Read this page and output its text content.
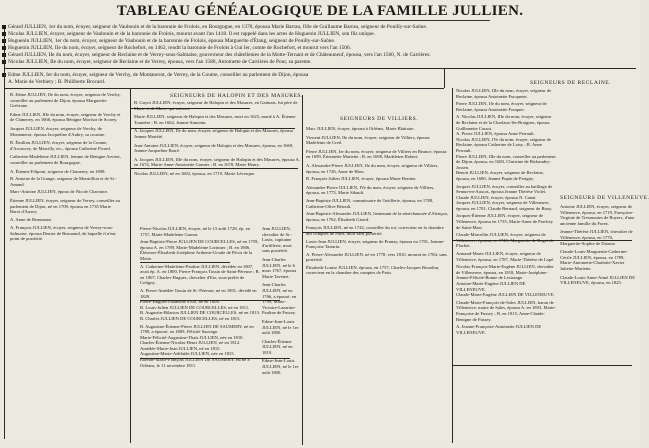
TABLEAU GÉNÉALOGIQUE DE LA FAMILLE JULLIEN.
Gérard JULLIEN, 1er du nom, écuyer, seigneur de Vaubouin et de la baronnie de Frolois, en Bourgogne, en 1370, épousa Marie Barrau, fille de Guillaume Barrau, seigneur de Pouilly-sur-Saône.
Nicolas JULLIEN, écuyer, seigneur de Vaubouin et de la baronnie de Frolois, mourut avant l'an 1418. Il est rappelé dans les actes de Huguenin JULLIEN, son fils unique.
Huguenin JULLIEN, 1er du nom, écuyer, seigneur de Vaubouin et de la baronnie de Frolois, épousa Marguerite d'Étang, seigneur de Pouilly-sur-Saône.
Huguenin JULLIEN, IIe du nom, écuyer, seigneur de Rochefort, en 1462, rendit la baronnie de Frolois à Gui Ier, comte de Rochefort, et mourut vers l'an 1506.
Gérard JULLIEN, IIe du nom, écuyer, seigneur de Reclaine et de Verrey-sous-Salmaise, gouverneur des châtellenies de la Motte-Ternant et de Châteauneuf, épousa, vers l'an 1560, N. de Carrières.
Nicolas JULLIEN, IIe du nom, écuyer, seigneur de Reclaine et de Verrey, épousa, vers l'an 1580, Antoinette de Carrières de Pour, sa parente.
Edme JULLIEN, Ier du nom, écuyer, seigneur de Verchy, de Montanerot, de Verrey, de la Coume, conseiller au parlement de Dijon, épousa
A. Marie de Verbiery ; B. Philiberte Brocard.
SEIGNEURS DE HALOPIN ET DES MASURES.
SEIGNEURS DE VILLIERS.
SEIGNEURS DE RECLAINE.
SEIGNEURS DE VILLENEUVE.
B. Edme JULLIEN, IIe du nom, écuyer, seigneur de Verchy, conseiller au parlement de Dijon, épousa Marguerite Grévinne.
Edme JULLIEN, IIIe du nom, écuyer, seigneur de Verchy et de Clamerey, en 1666, épousa Bénigne Morisot de Scorey.
Jacques JULLIEN, écuyer, seigneur de Verchy, de Montanerot, épousa Jacqueline d'Aubry, sa cousine.
B. Émilion JULLIEN, écuyer, seigneur de la Coume, d'Arconcey, de Marcilly, etc., épousa Catherine Picard.
Catherine-Madeleine JULLIEN, femme de Bénigne Arviset, conseiller au parlement de Bourgogne.
A. Étienne Filipont, seigneur de Clamerey, en 1698.
B. Antoine de la Grange, seigneur de Montrillon et de St.-Amand.
Marc-Antoine JULLIEN, époux de Nicole Chavance.
Étienne JULLIEN, écuyer, seigneur de Verrey, conseiller au parlement de Dijon, né en 1709, épousa en 1735 Marie Barot d'Auxey.
A. Anne de Beaumont.
A. François JULLIEN, écuyer, seigneur de Verrey-sous-Salmaise, épousa Denise de Beaurand, de laquelle il n'eut point de postérité.
B. Guyot JULLIEN, écuyer, seigneur de Halopin et des Masures, en Gatinais, fut père de Marie et de Mace, qui suivent.
Marie JULLIEN, seigneur de Halopin et des Masures, mort en 1625, marié à A. Étienne Tounière ; B. en 1662, Jeanne Simonin.
A. Jacques JULLIEN, IIe du nom, écuyer, seigneur de Halopin et des Masures, épousa Jeanne Mariété.
Jean-Antoine JULLIEN, écuyer, seigneur de Halopin et des Masures, épousa, en 1669, Jeanne-Jacqueline Barré.
A. Jacques JULLIEN, IIIe du nom, écuyer, seigneur de Halopin et des Masures, épousa A. en 1674, Marie-Anne-Antoinette Garnier ; B. en 1678, Marie Henry.
Nicolas JULLIEN, né en 1682, épousa, en 1719, Marie Lévesque.
Pierre-Nicolas JULLIEN, écuyer, né le 15 août 1728, ép. en 1757, Marie-Madeleine Garnot.
Jean-Baptiste-Pierre JULLIEN DE COURCELLES, né en 1759, épousa A. en 1789, Marie-Madeleine Lorimier ; B. en 1806, Éléonore-Élisabeth-Joséphine Arthenis-Ursule de Pécot de la Motte.
A. Catherine-Madeleine-Pauline JULLIEN, décédée en 1807, avait ép. A. en 1800, Pierre-François Tassin de Saint-Péreuse ; B. en 1807, Charles-Hugues, chevalier d'Etz, sous-préfet de Coligny.
A. Pierre-Amédée Tassin de St.-Péreuse, né en 1801, décédé en 1829.
Pierre-Hugues-Palamède d'Etz, né en 1806.
B. Louis-Julien JULLIEN DE COURCELLES, né en 1811.
B. Augustin-Hilarion JULLIEN DE COURCELLES, né en 1813.
B. Charles JULLIEN DE COURCELLES, né en 1815.
B. Augustine-Étienne-Pierre JULLIEN DE SAUMERY, né en 1789, a épousé, en 1809, Félicité Sauvage.
Marie-Félicité-Augustine-Thaïs JULLIEN, née en 1810.
Charles-Étienne-Nicolas-Henri JULLIEN, né en 1812.
Amédée-Marie-Jean JULLIEN, né en 1815.
Augustine-Marie-Adélaïde JULLIEN, née en 1815.
Étienne-Marie-François JULLIEN DE SAUMERY, est né à Orléans, le 11 novembre 1811.
Jean JULLIEN, chevalier de St.-Louis, capitaine d'artillerie, mort sans postérité.
Jean-Charles JULLIEN, né le 6 mars 1767, épousa Marie Tavenet.
Jean-Charles JULLIEN, né en 1766, a épousé, en 1799, Marie-Victoire-Lazarine-Pauline de Fussey.
Edme-Jean-Louis JULLIEN, né le 1er août 1800.
Charles-Étienne JULLIEN, né en 1810.
Edme-Jean-Louis JULLIEN, né le 1er août 1800.
Marc JULLIEN, écuyer, épousa à Orléans, Marie Blattaire.
Vincent JULLIEN, IIe du nom, écuyer, seigneur de Villiers, épousa Madeleine de Creil.
Pierre JULLIEN, Ier du nom, écuyer, seigneur de Villiers en Beauce, épousa en 1699, Étiennette Mariette ; B. en 1698, Madeleine Robert.
A. Alexandre-Pierre JULLIEN, IIe du nom, écuyer, seigneur de Villiers, épousa, en 1726, Anne de Hiou.
B. François-Julien JULLIEN, écuyer, épousa Marie Bernier.
Alexandre-Pierre JULLIEN, IVe du nom, écuyer, seigneur de Villiers, épousa, en 1773, Marie Sibault.
Jean-Baptiste JULLIEN, commissaire de l'artillerie, épousa, en 1788, Catherine-Olive Bétoult.
Jean-Baptiste-Alexandre JULLIEN, lieutenant de la sénéchaussée d'Alençon, épousa, en 1762, Élisabeth Girard.
François JULLIEN, né en 1742, conseiller du roi, correcteur en la chambre des comptes de Paris, mort sans postérité.
Louis-Jean JULLIEN, écuyer, seigneur de Prunay, épousa en 1781, Jeanne-Françoise Tartarin.
A. Pierre-Alexandre JULLIEN, né en 1778, vers 1810, mourut en 1784, sans postérité.
Élisabeth-Louise JULLIEN, épousa, en 1757, Charles-Jacques Bourdon, correcteur en la chambre des comptes de Paris.
Nicolas JULLIEN, IIIe du nom, écuyer, seigneur de Reclaine, épousa Antoinette Fucquetet.
Pierre JULLIEN, IIe du nom, écuyer, seigneur de Reclaine, épousa Antoinette Fouquet.
A. Nicolas JULLIEN, IIIe du nom, écuyer, seigneur de Reclaine et de la Charlaux-lès-Braignes, épousa Guillemette Cassot.
A. Pierre JULLIEN, épousa Anne Perrault.
Nicolas JULLIEN, IVe du nom, écuyer, seigneur de Reclaine, épousa Catherine de Loisy ; B. Anne Perrault.
Pierre JULLIEN, IIIe du nom, conseiller au parlement de Dijon, épousa, en 1683, Christine de Bichaudey-Jossen.
Benoit JULLIEN, écuyer, seigneur de Reclaine, épousa, en 1680, Jeanne Pupin de Perigny.
Jacques JULLIEN, écuyer, conseiller au bailliage de Semur-en-Auxois, épousa Jeanne Thérèse Violet.
Claude JULLIEN, écuyer, épousa N. Canat.
Jacques JULLIEN, écuyer, seigneur de Villeneuve, épousa, en 1701, Claude Bernard, seigneur de Buxy.
Jacques-Étienne JULLIEN, écuyer, seigneur de Villeneuve, épousa en 1735, Marie-Anne de Parchey de Saint-Marc.
Claude-Marcellin JULLIEN, écuyer, seigneur de Villeneuve, épousa, en 1749, Marguerite de Boget de Flachet.
Armand-Marie JULLIEN, écuyer, seigneur de Villeneuve, épousa, en 1787, Marie-Thérèse de Lapé.
Nicolas-François-Marie-Eugène JULLIEN, chevalier de Villeneuve, épousa, en 1818, Marie-Joséphine-Jeanne-Félicité-Bonne de Lestrange.
Antoine-Marie-Eugène JULLIEN DE VILLENEUVE.
Claude-Marie-Eugène JULLIEN DE VILLENEUVE.
Claude-Marie-François-de-Sales JULLIEN, baron de Villeneuve, maire de Sales, épousa A. en 1803, Marie-Françoise de Fussey ; B. en 1815, Anne-Claude-Benigne de Fussey.
A. Jeanne-Françoise-Antoinette JULLIEN DE VILLENEUVE.
Antoine JULLIEN, écuyer, seigneur de Villeneuve, épousa, en 1719, Françoise-Virginie de Tresmontes de Boyers, d'une ancienne famille du Forez.
Jeanne-Thérèse JULLIEN, chevalier de Villeneuve, épousa, en 1770, Marguerite-Sophie de Dionne.
Claude-Louis-Marguerite-Catherine-Cécile JULLIEN, épousa, en 1789, Marie-Antoinette-Charlotte-Xavier Juliette-Mariette.
Claude-Louis-Anne-Aimé JULLIEN DE VILLENEUVE, épousa, en 1825.
